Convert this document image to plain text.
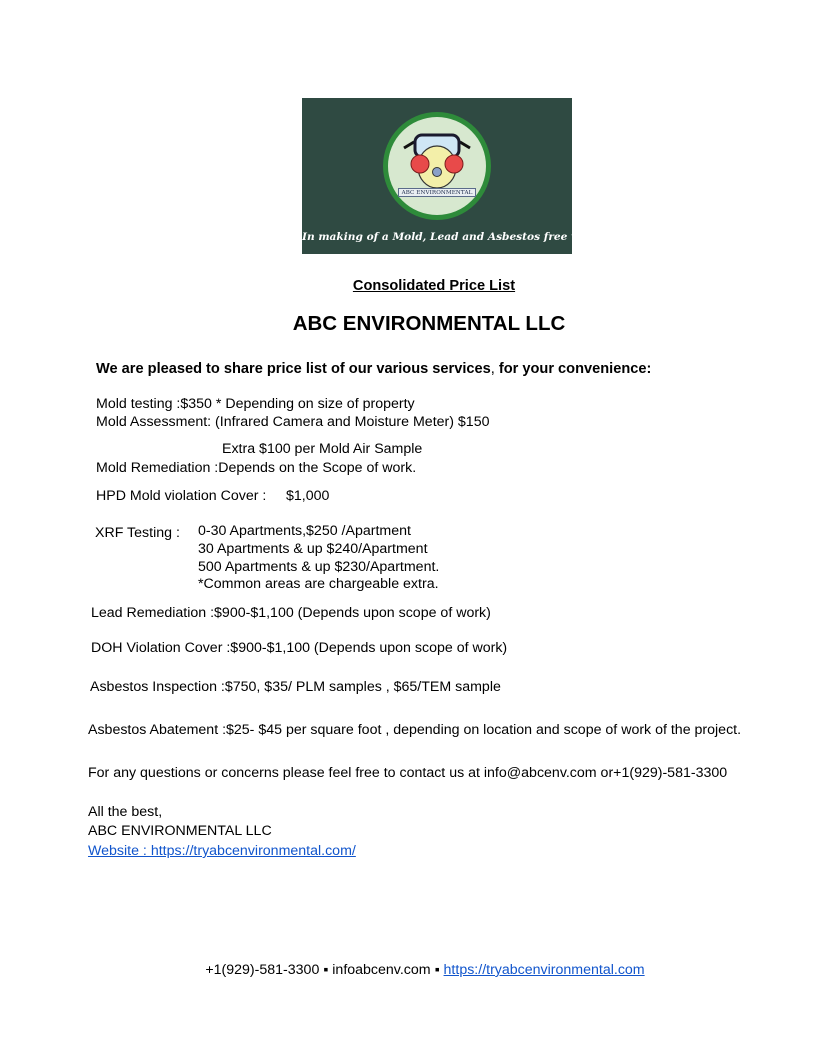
ABC ENVIRONMENTAL
In making of a Mold, Lead and Asbestos free world..
Consolidated Price List
ABC ENVIRONMENTAL LLC
We are pleased to share price list of our various services, for your convenience:
Mold testing :$350 * Depending on size of property
Mold Assessment: (Infrared Camera and Moisture Meter) $150
Extra $100 per Mold Air Sample
Mold Remediation :Depends on the Scope of work.
HPD Mold violation Cover : $1,000
XRF Testing : 0-30 Apartments,$250 /Apartment
30 Apartments & up $240/Apartment
500 Apartments & up $230/Apartment.
*Common areas are chargeable extra.
Lead Remediation :$900-$1,100 (Depends upon scope of work)
DOH Violation Cover :$900-$1,100 (Depends upon scope of work)
Asbestos Inspection :$750, $35/ PLM samples , $65/TEM sample
Asbestos Abatement :$25- $45 per square foot , depending on location and scope of work of the project.
For any questions or concerns please feel free to contact us at info@abcenv.com or+1(929)-581-3300
All the best,
ABC ENVIRONMENTAL LLC
Website : https://tryabcenvironmental.com/
+1(929)-581-3300 ▪ infoabcenv.com ▪ https://tryabcenvironmental.com
